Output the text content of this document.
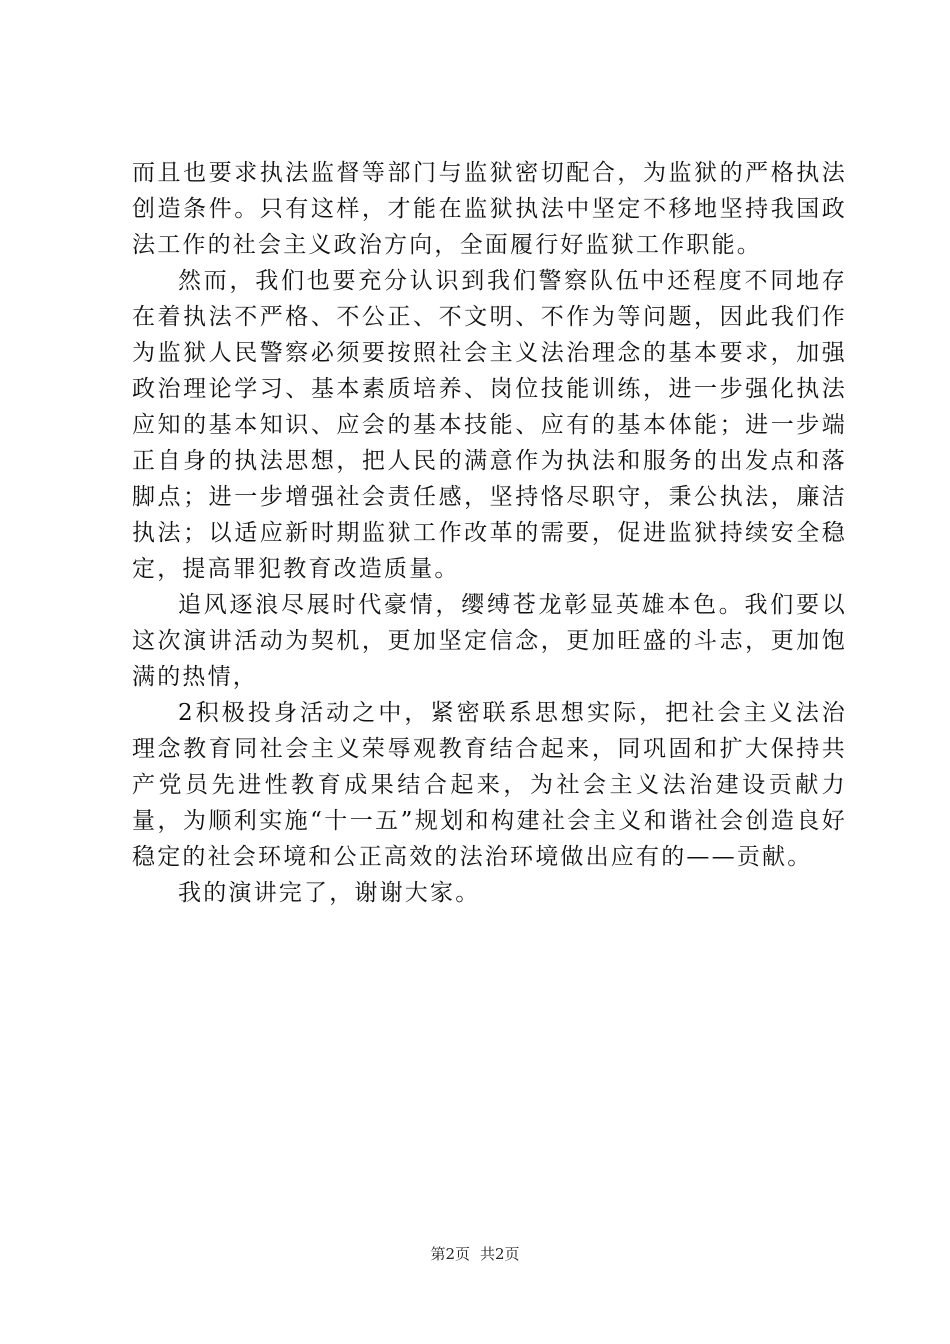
而且也要求执法监督等部门与监狱密切配合，为监狱的严格执法创造条件。只有这样，才能在监狱执法中坚定不移地坚持我国政法工作的社会主义政治方向，全面履行好监狱工作职能。

然而，我们也要充分认识到我们警察队伍中还程度不同地存在着执法不严格、不公正、不文明、不作为等问题，因此我们作为监狱人民警察必须要按照社会主义法治理念的基本要求，加强政治理论学习、基本素质培养、岗位技能训练，进一步强化执法应知的基本知识、应会的基本技能、应有的基本体能；进一步端正自身的执法思想，把人民的满意作为执法和服务的出发点和落脚点；进一步增强社会责任感，坚持恪尽职守，秉公执法，廉洁执法；以适应新时期监狱工作改革的需要，促进监狱持续安全稳定，提高罪犯教育改造质量。

追风逐浪尽展时代豪情，缨缚苍龙彰显英雄本色。我们要以这次演讲活动为契机，更加坚定信念，更加旺盛的斗志，更加饱满的热情，

2积极投身活动之中，紧密联系思想实际，把社会主义法治理念教育同社会主义荣辱观教育结合起来，同巩固和扩大保持共产党员先进性教育成果结合起来，为社会主义法治建设贡献力量，为顺利实施“十一五”规划和构建社会主义和谐社会创造良好稳定的社会环境和公正高效的法治环境做出应有的——贡献。

我的演讲完了，谢谢大家。

第2页 共2页
